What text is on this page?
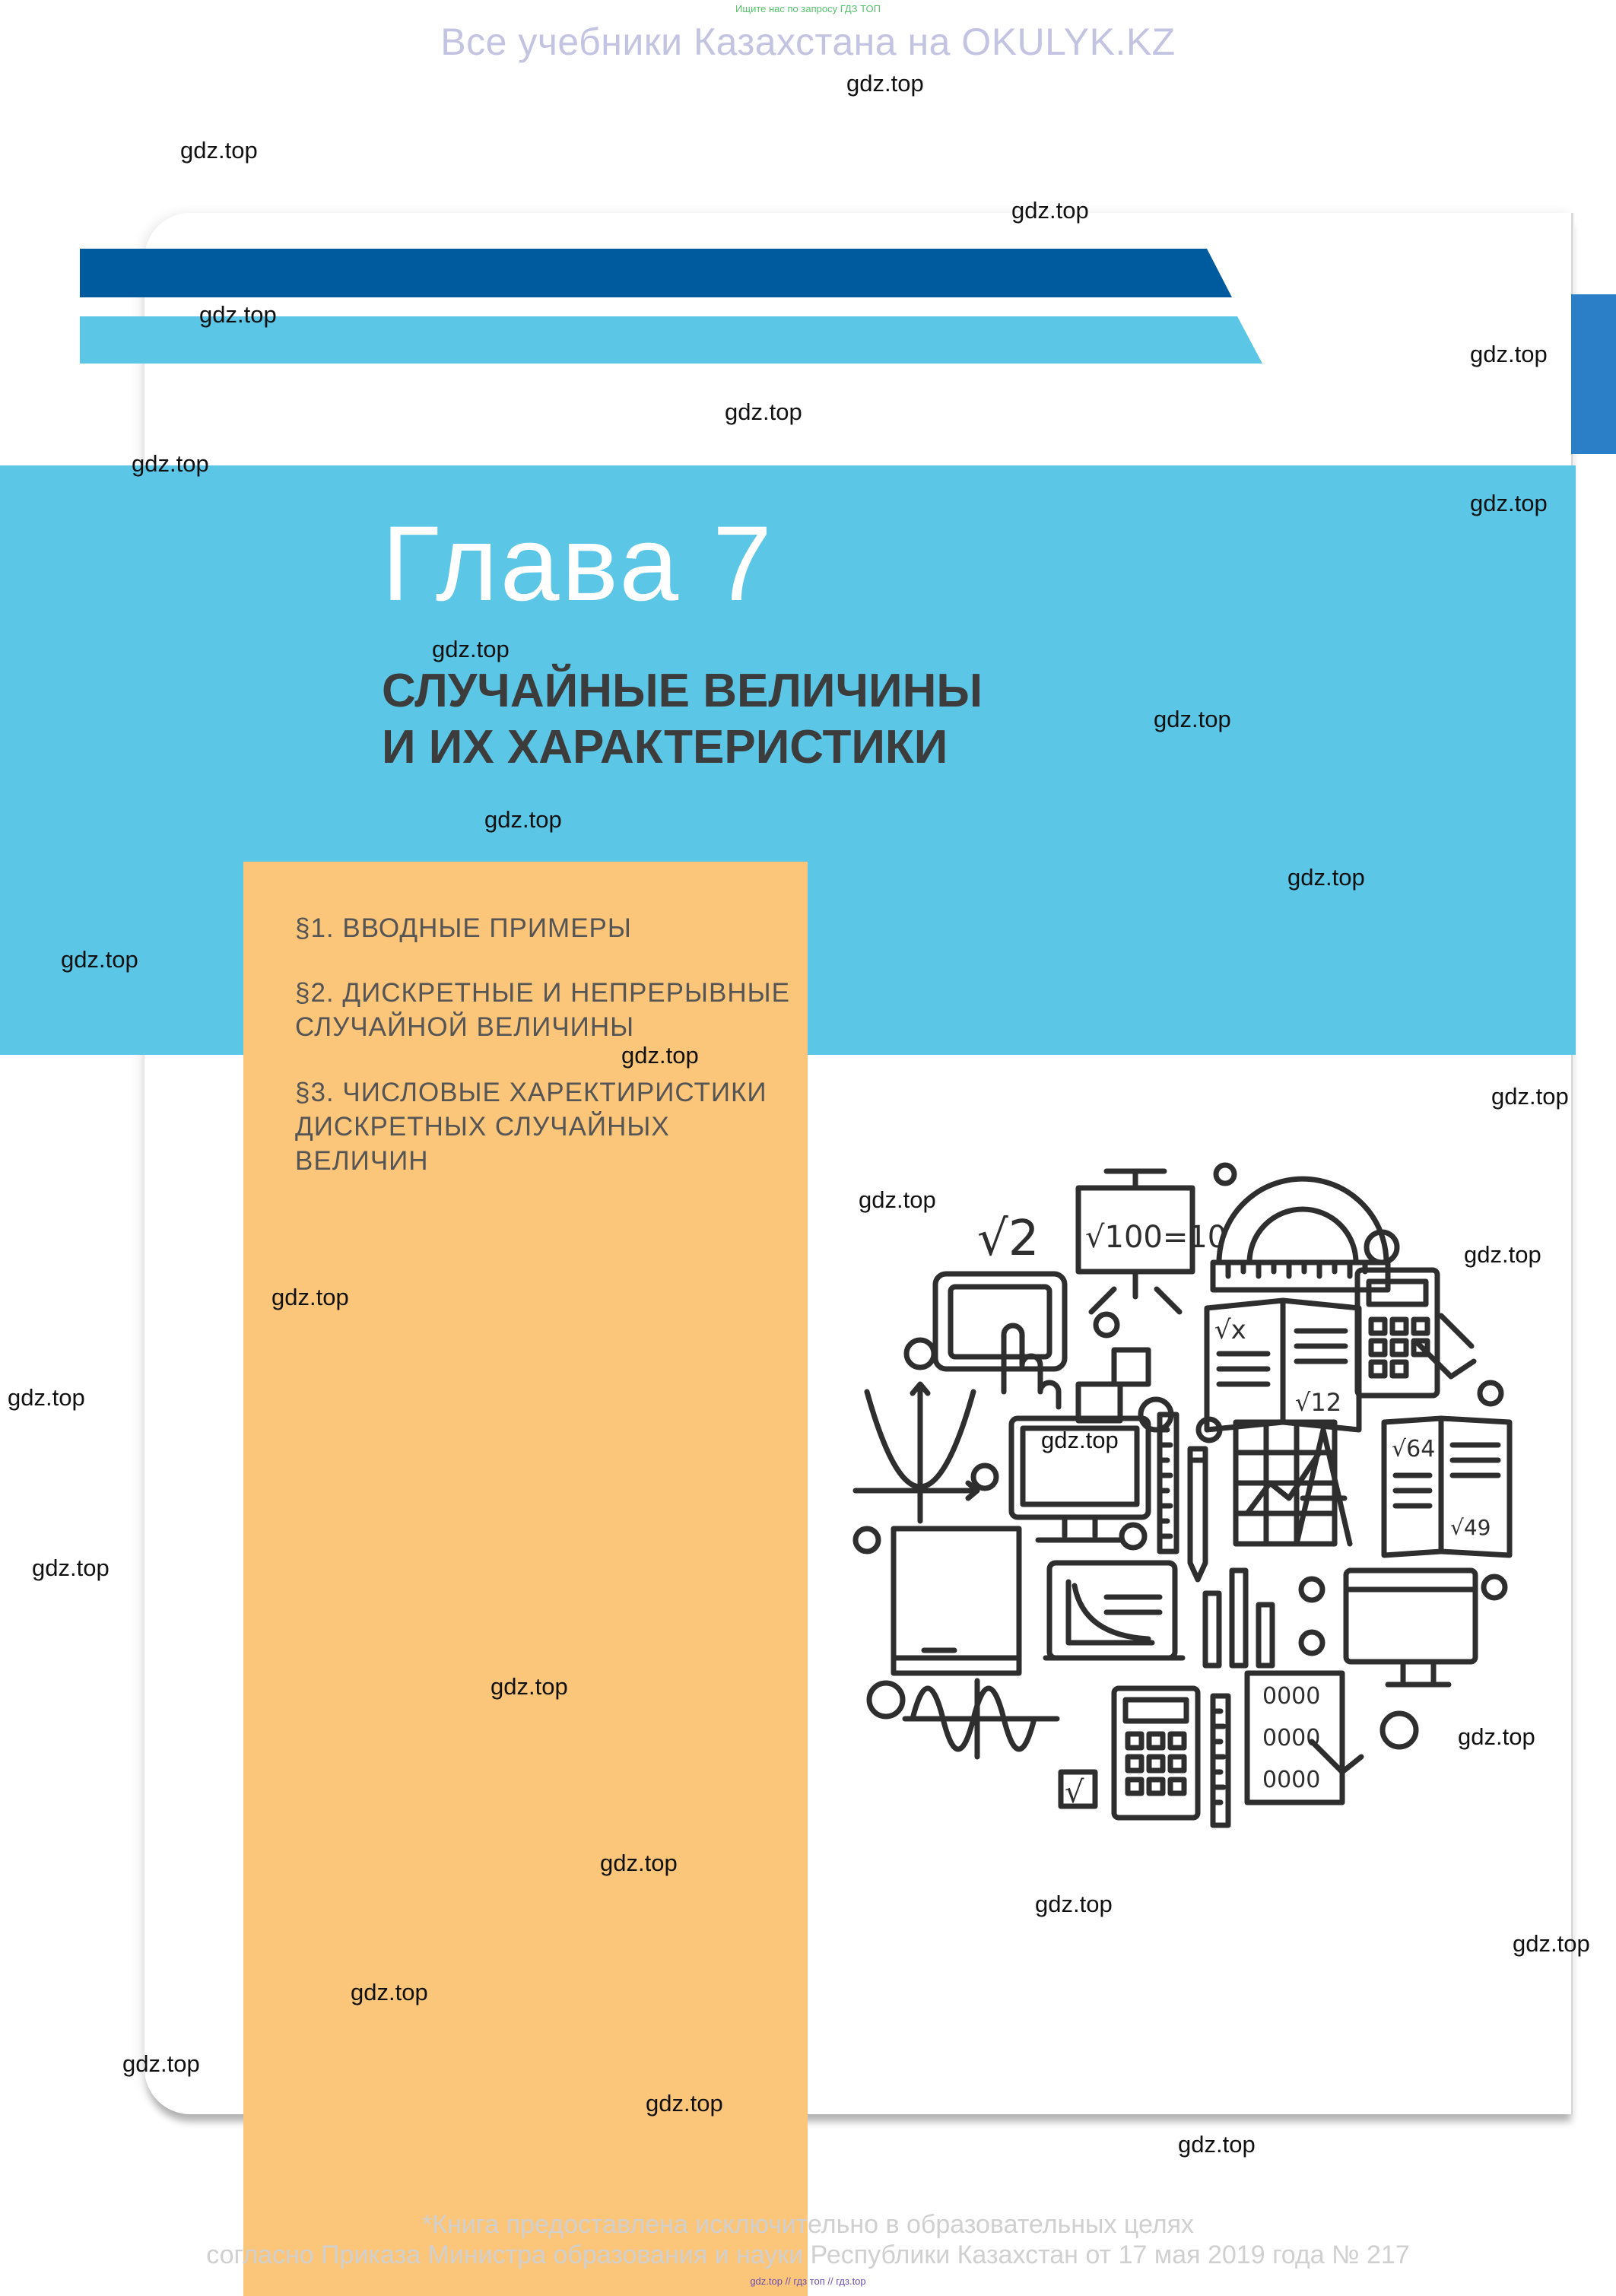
Ищите нас по запросу ГДЗ ТОП
Все учебники Казахстана на OKULYK.KZ
Глава 7
СЛУЧАЙНЫЕ ВЕЛИЧИНЫ
И ИХ ХАРАКТЕРИСТИКИ
§1. ВВОДНЫЕ ПРИМЕРЫ
§2. ДИСКРЕТНЫЕ И НЕПРЕРЫВНЫЕ
СЛУЧАЙНОЙ ВЕЛИЧИНЫ
§3. ЧИСЛОВЫЕ ХАРЕКТИРИСТИКИ
ДИСКРЕТНЫХ СЛУЧАЙНЫХ
ВЕЛИЧИН
√2 √100=10
√x
√12
√64
√49
√
0000
0000
0000
gdz.top
gdz.top
gdz.top
gdz.top
gdz.top
gdz.top
gdz.top
gdz.top
gdz.top
gdz.top
gdz.top
gdz.top
gdz.top
gdz.top
gdz.top
gdz.top
gdz.top
gdz.top
gdz.top
gdz.top
gdz.top
gdz.top
gdz.top
gdz.top
gdz.top
gdz.top
gdz.top
gdz.top
gdz.top
gdz.top
*Книга предоставлена исключительно в образовательных целях
согласно Приказа Министра образования и науки Республики Казахстан от 17 мая 2019 года № 217
gdz.top // гдз топ // гдз.top
